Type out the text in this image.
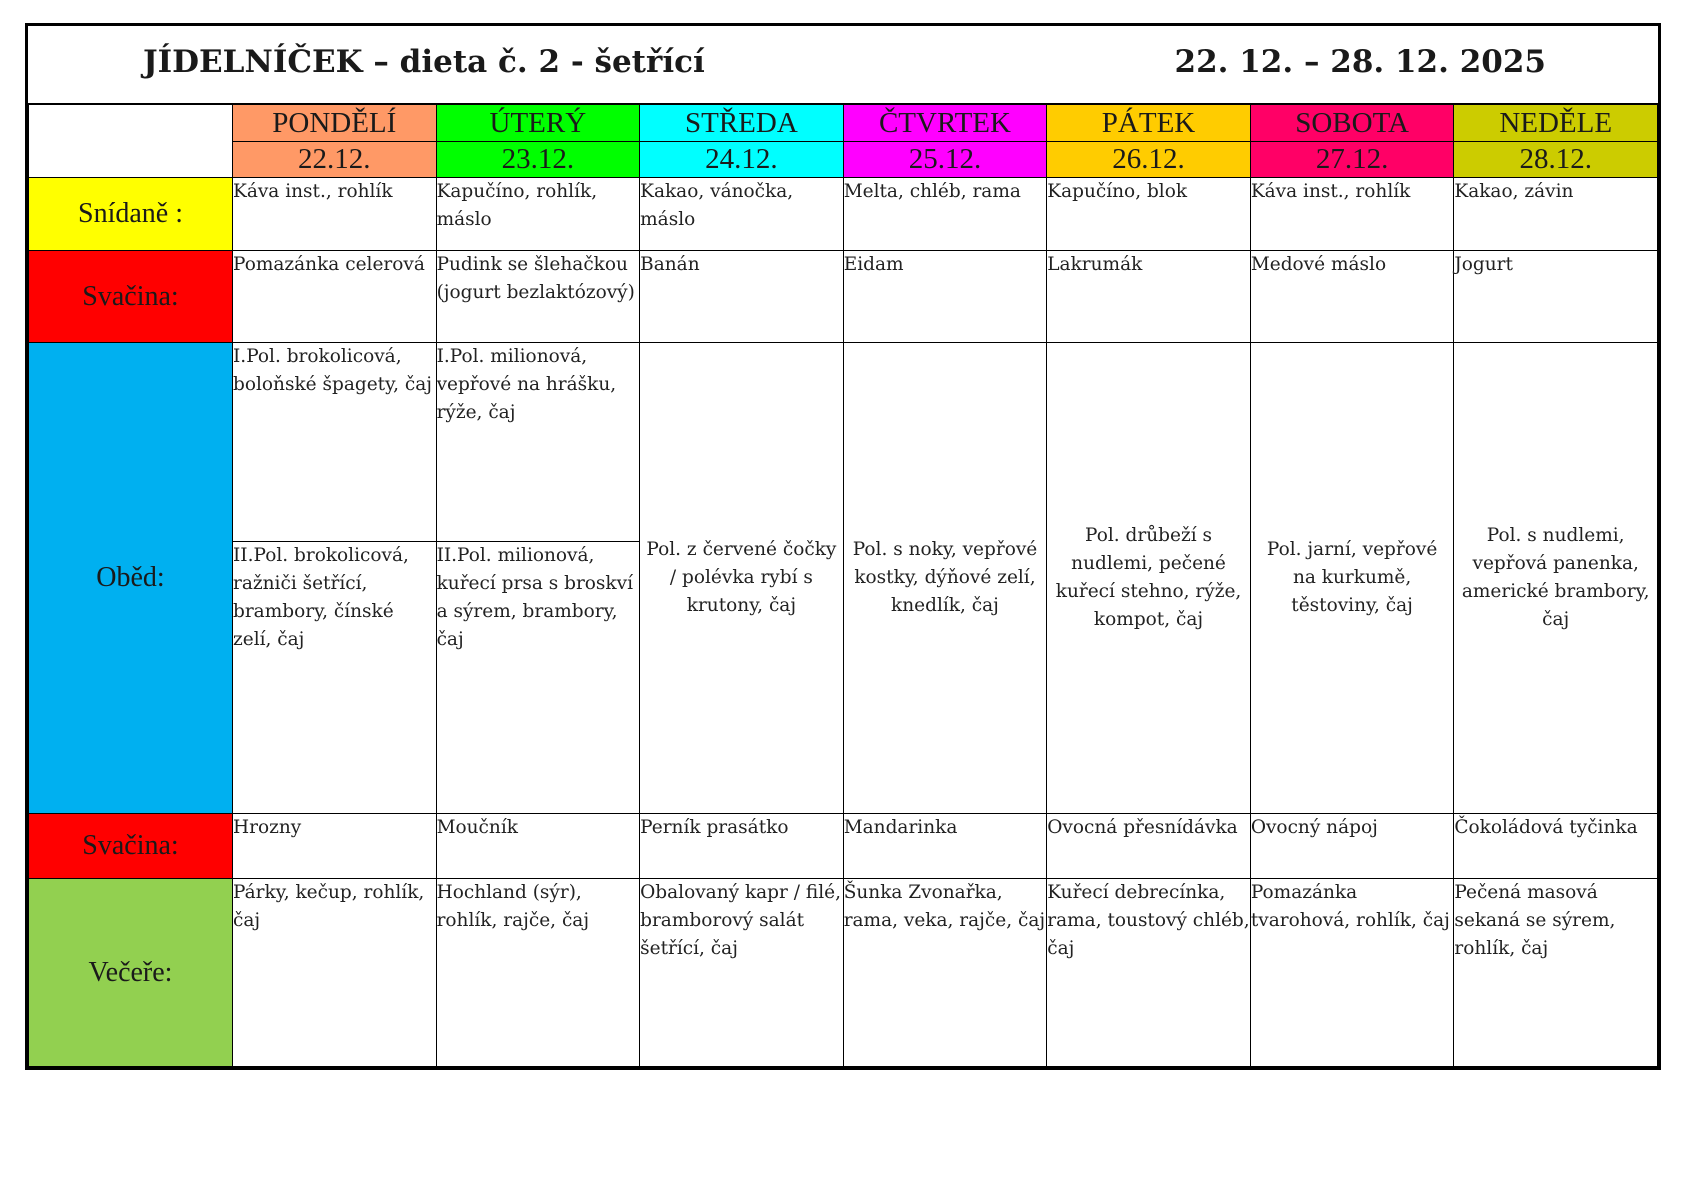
JÍDELNÍČEK – dieta č. 2 - šetřící	22. 12. – 28. 12. 2025
	PONDĚLÍ	ÚTERÝ	STŘEDA	ČTVRTEK	PÁTEK	SOBOTA	NEDĚLE
	22.12.	23.12.	24.12.	25.12.	26.12.	27.12.	28.12.
Snídaně :	Káva inst., rohlík	Kapučíno, rohlík, máslo	Kakao, vánočka, máslo	Melta, chléb, rama	Kapučíno, blok	Káva inst., rohlík	Kakao, závin
Svačina:	Pomazánka celerová	Pudink se šlehačkou (jogurt bezlaktózový)	Banán	Eidam	Lakrumák	Medové máslo	Jogurt
Oběd:	I.Pol. brokolicová, boloňské špagety, čaj	I.Pol. milionová, vepřové na hrášku, rýže, čaj	Pol. z červené čočky / polévka rybí s krutony, čaj	Pol. s noky, vepřové kostky, dýňové zelí, knedlík, čaj	Pol. drůbeží s nudlemi, pečené kuřecí stehno, rýže, kompot, čaj	Pol. jarní, vepřové na kurkumě, těstoviny, čaj	Pol. s nudlemi, vepřová panenka, americké brambory, čaj
	II.Pol. brokolicová, ražniči šetřící, brambory, čínské zelí, čaj	II.Pol. milionová, kuřecí prsa s broskví a sýrem, brambory, čaj					
Svačina:	Hrozny	Moučník	Perník prasátko	Mandarinka	Ovocná přesnídávka	Ovocný nápoj	Čokoládová tyčinka
Večeře:	Párky, kečup, rohlík, čaj	Hochland (sýr), rohlík, rajče, čaj	Obalovaný kapr / filé, bramborový salát šetřící, čaj	Šunka Zvonařka, rama, veka, rajče, čaj	Kuřecí debrecínka, rama, toustový chléb, čaj	Pomazánka tvarohová, rohlík, čaj	Pečená masová sekaná se sýrem, rohlík, čaj
